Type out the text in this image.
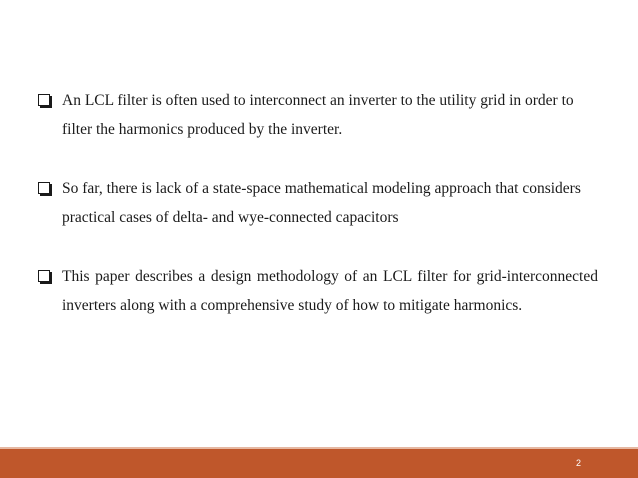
An LCL filter is often used to interconnect an inverter to the utility grid in order to filter the harmonics produced by the inverter.
So far, there is lack of a state-space mathematical modeling approach that considers practical cases of delta- and wye-connected capacitors
This paper describes a design methodology of an LCL filter for grid-interconnected inverters along with a comprehensive study of how to mitigate harmonics.
2
